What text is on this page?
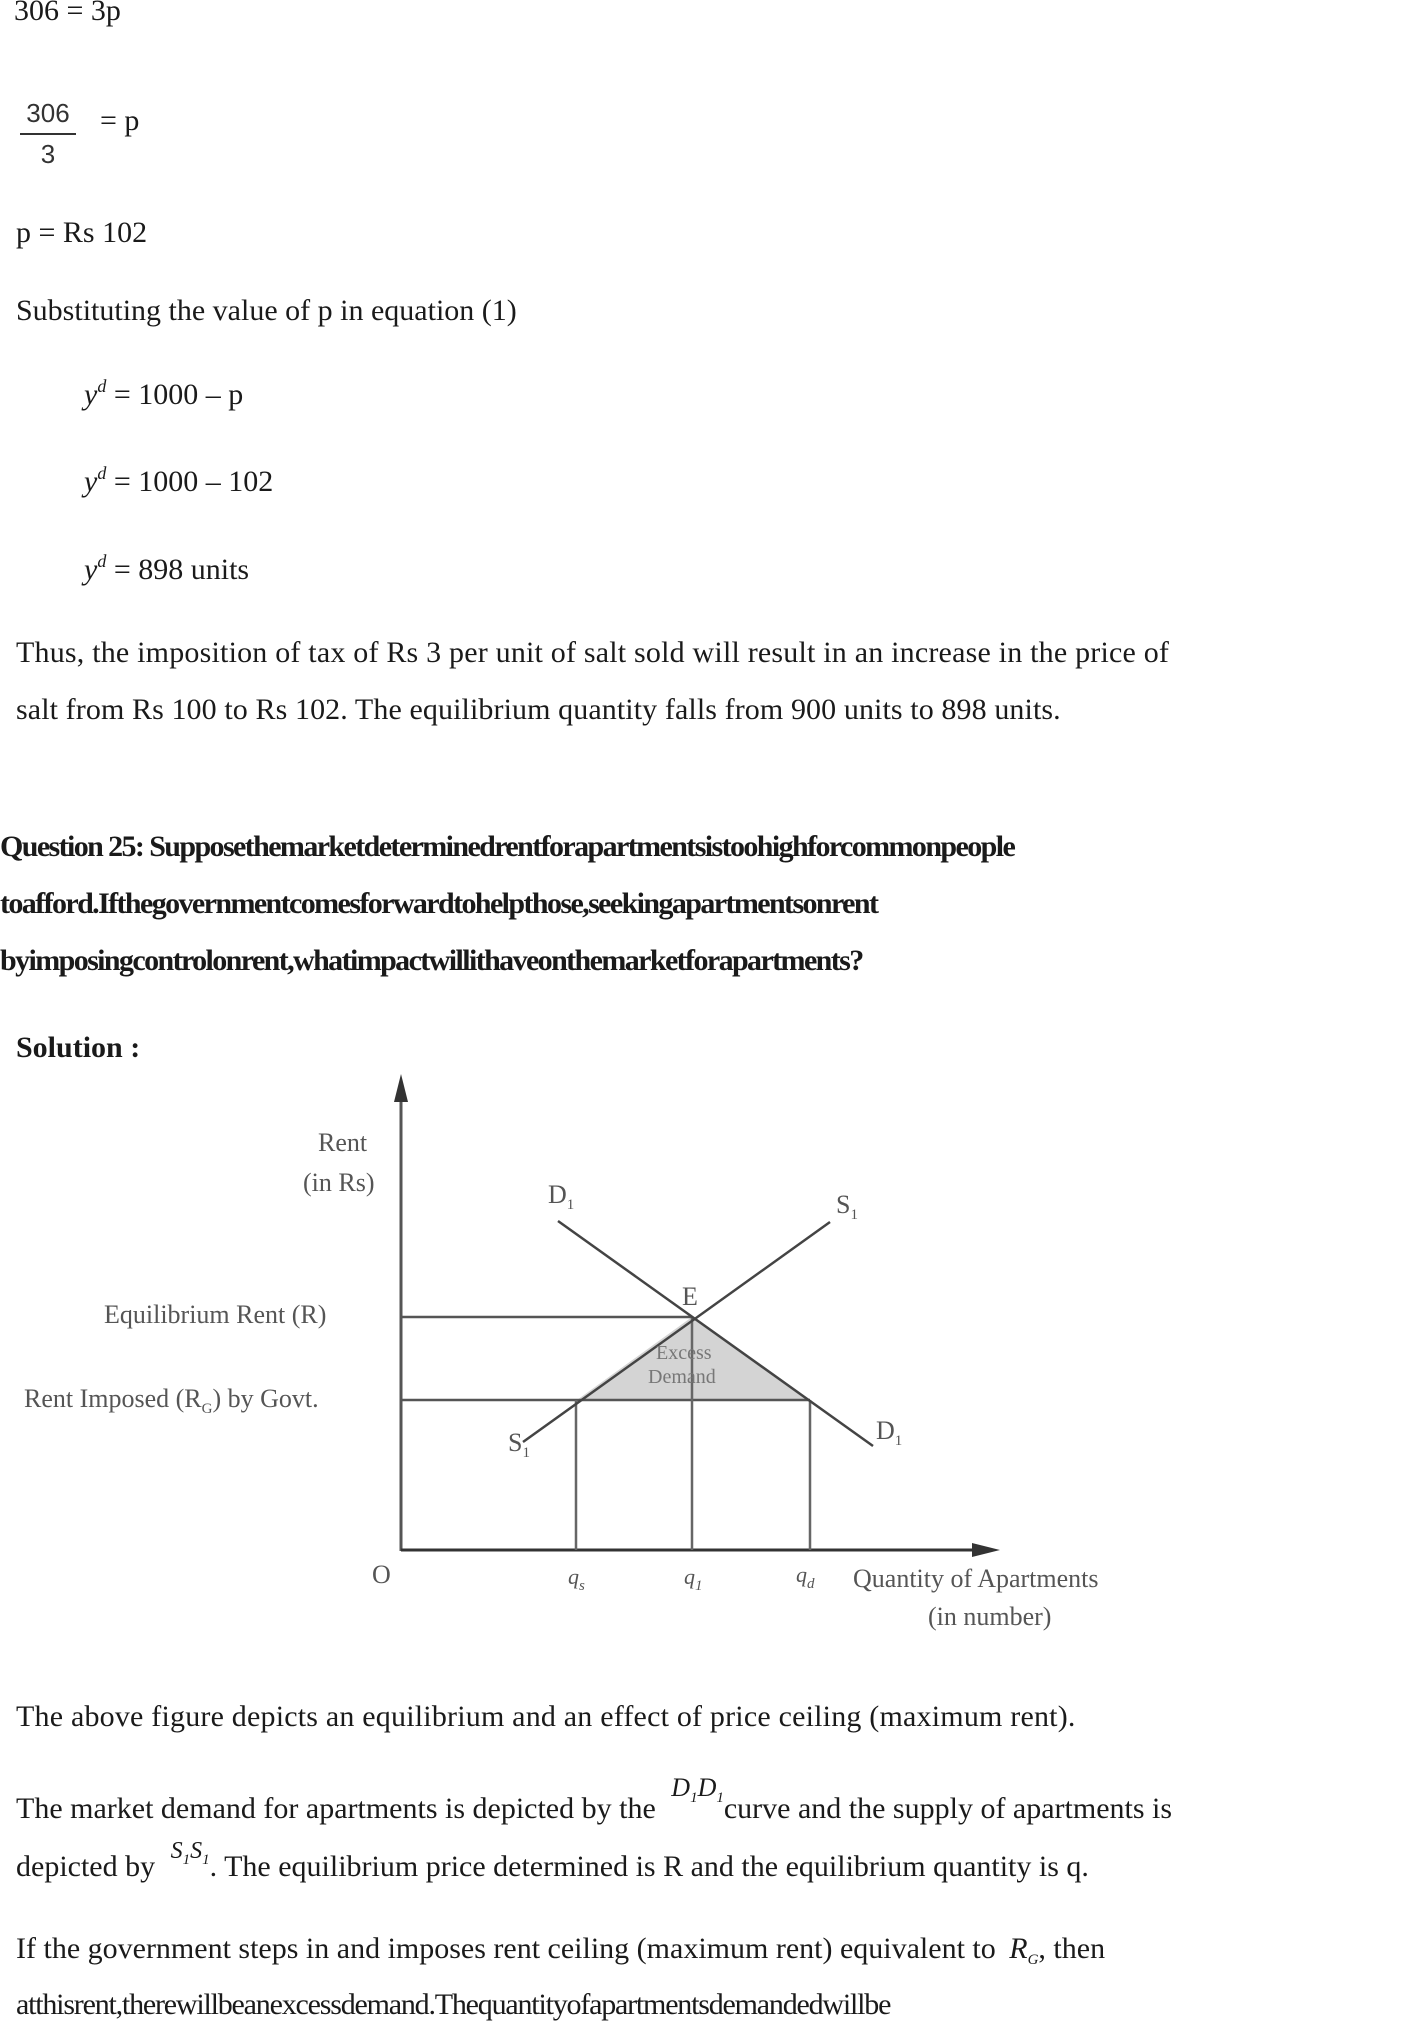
306 = 3p
$\frac{306}{3} = p$
p = Rs 102
Substituting the value of p in equation (1)
$y^d = 1000 - p$
$y^d = 1000 - 102$
$y^d = 898$ units
Thus, the imposition of tax of Rs 3 per unit of salt sold will result in an increase in the price of
salt from Rs 100 to Rs 102. The equilibrium quantity falls from 900 units to 898 units.
Question 25: Supposethemarketdeterminedrentforapartmentsistoohighforcommonpeople
toafford.Ifthegovernmentcomesforwardtohelpthose,seekingapartmentsonrent
byimposingcontrolonrent,whatimpactwillithaveonthemarketforapartments?
Solution :
Rent
(in Rs)
Equilibrium Rent (R)
Rent Imposed $(R_G)$ by Govt.
$D_1$	$S_1$
$S_1$
$D_1$
E
Excess
Demand
O	$q_s$	$q_1$	$q_d$ Quantity of Apartments
(in number)
The above figure depicts an equilibrium and an effect of price ceiling (maximum rent).
The market demand for apartments is depicted by the $D_1D_1curve$ and the supply of apartments is
depicted by $^{S_1S_1}$. The equilibrium price determined is R and the equilibrium quantity is q.
If the government steps in and imposes rent ceiling (maximum rent) equivalent to $R_G$, then
atthisrent,therewillbeanexcessdemand.Thequantityofapartmentsdemandedwillbe
